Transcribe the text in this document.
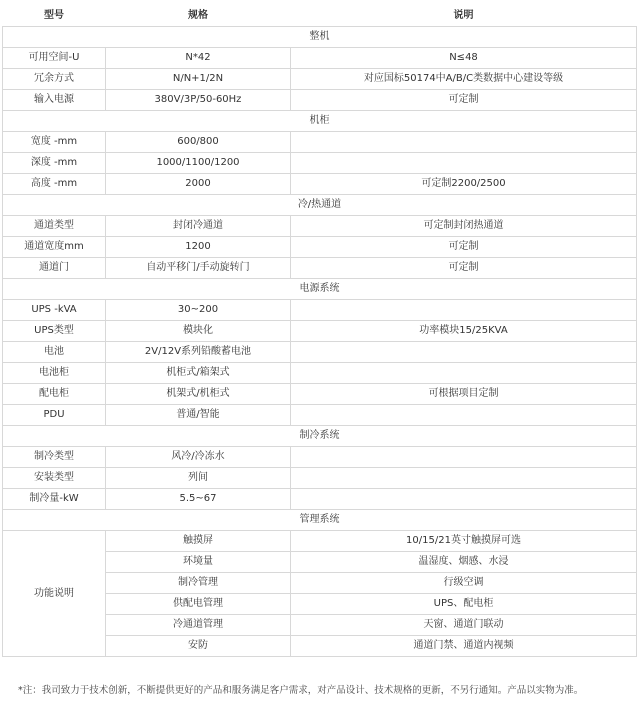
型号	规格	说明
整机		
可用空间-U	N*42	N≤48
冗余方式	N/N+1/2N	对应国标50174中A/B/C类数据中心建设等级
输入电源	380V/3P/50-60Hz	可定制
机柜		
宽度 -mm	600/800	
深度 -mm	1000/1100/1200	
高度 -mm	2000	可定制2200/2500
冷/热通道		
通道类型	封闭冷通道	可定制封闭热通道
通道宽度mm	1200	可定制
通道门	自动平移门/手动旋转门	可定制
电源系统		
UPS -kVA	30~200	
UPS类型	模块化	功率模块15/25KVA
电池	2V/12V系列铅酸蓄电池	
电池柜	机柜式/箱架式	
配电柜	机架式/机柜式	可根据项目定制
PDU	普通/智能	
制冷系统		
制冷类型	风冷/冷冻水	
安装类型	列间	
制冷量-kW	5.5~67	
管理系统		
功能说明	触摸屏	10/15/21英寸触摸屏可选
	环境量	温湿度、烟感、水浸
	制冷管理	行级空调
	供配电管理	UPS、配电柜
	冷通道管理	天窗、通道门联动
	安防	通道门禁、通道内视频
*注：我司致力于技术创新，不断提供更好的产品和服务满足客户需求，对产品设计、技术规格的更新，不另行通知。产品以实物为准。
